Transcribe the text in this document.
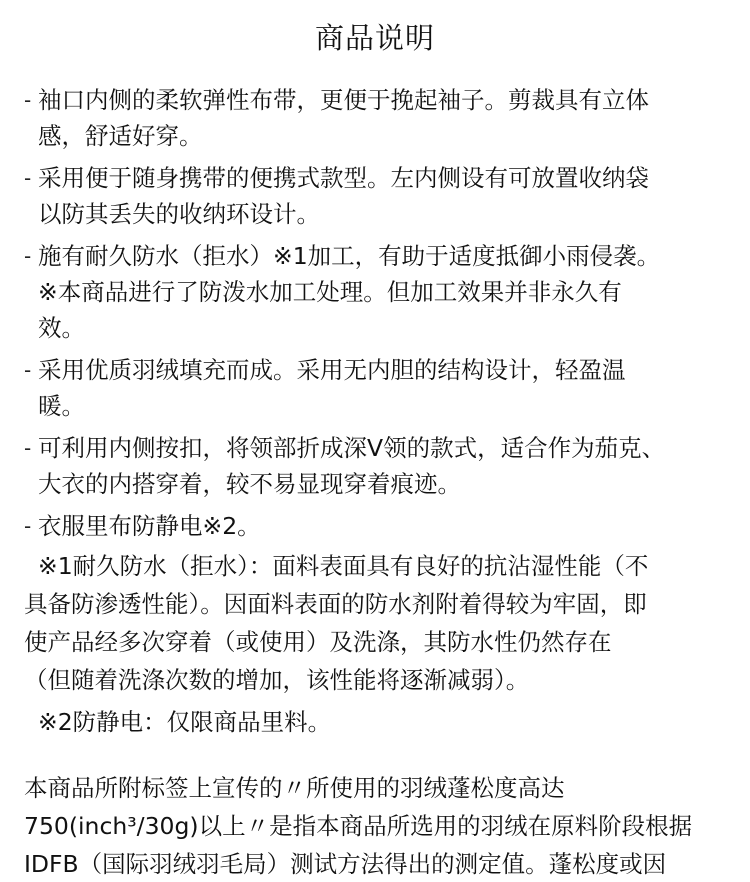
商品说明
- 袖口内侧的柔软弹性布带，更便于挽起袖子。剪裁具有立体
感，舒适好穿。
- 采用便于随身携带的便携式款型。左内侧设有可放置收纳袋
以防其丢失的收纳环设计。
- 施有耐久防水（拒水）※1加工，有助于适度抵御小雨侵袭。
※本商品进行了防泼水加工处理。但加工效果并非永久有
效。
- 采用优质羽绒填充而成。采用无内胆的结构设计，轻盈温
暖。
- 可利用内侧按扣，将领部折成深V领的款式，适合作为茄克、
大衣的内搭穿着，较不易显现穿着痕迹。
- 衣服里布防静电※2。
※1耐久防水（拒水）：面料表面具有良好的抗沾湿性能（不
具备防渗透性能）。因面料表面的防水剂附着得较为牢固，即
使产品经多次穿着（或使用）及洗涤，其防水性仍然存在
（但随着洗涤次数的增加，该性能将逐渐减弱）。
※2防静电：仅限商品里料。
本商品所附标签上宣传的〃所使用的羽绒蓬松度高达
750(inch³/30g)以上〃是指本商品所选用的羽绒在原料阶段根据
IDFB（国际羽绒羽毛局）测试方法得出的测定值。蓬松度或因
